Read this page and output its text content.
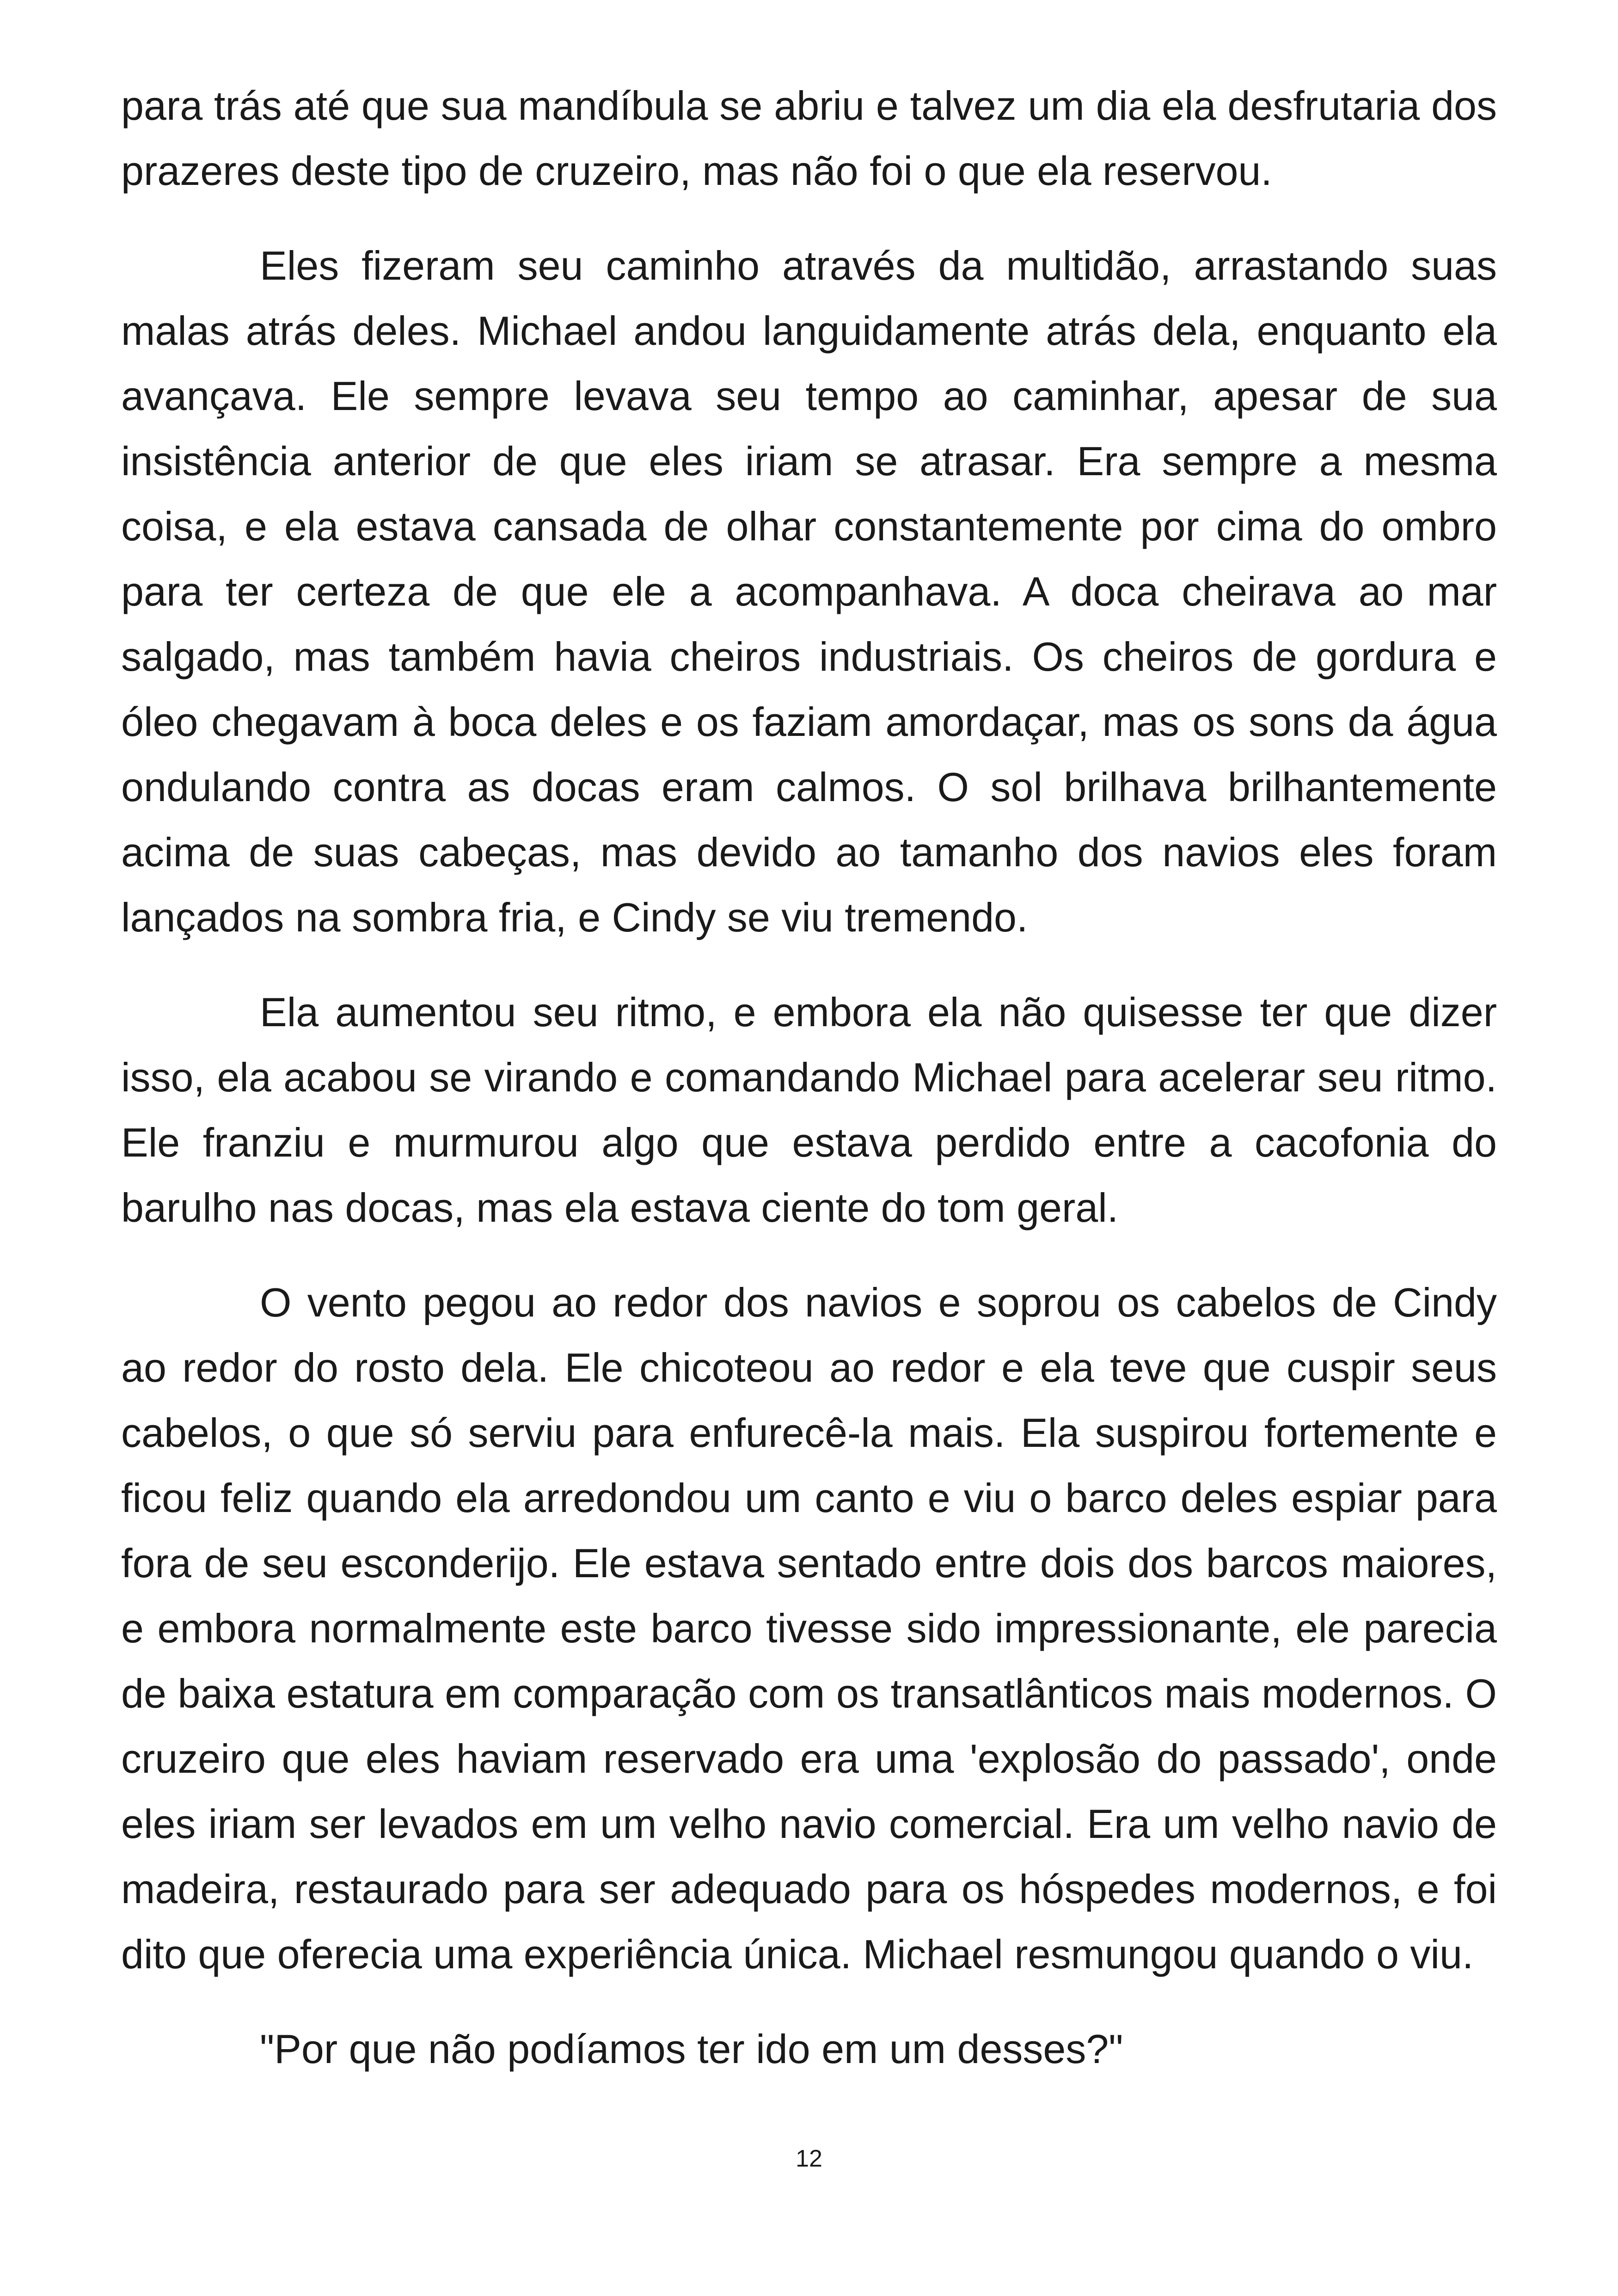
para trás até que sua mandíbula se abriu e talvez um dia ela desfrutaria dos prazeres deste tipo de cruzeiro, mas não foi o que ela reservou.

Eles fizeram seu caminho através da multidão, arrastando suas malas atrás deles. Michael andou languidamente atrás dela, enquanto ela avançava. Ele sempre levava seu tempo ao caminhar, apesar de sua insistência anterior de que eles iriam se atrasar. Era sempre a mesma coisa, e ela estava cansada de olhar constantemente por cima do ombro para ter certeza de que ele a acompanhava. A doca cheirava ao mar salgado, mas também havia cheiros industriais. Os cheiros de gordura e óleo chegavam à boca deles e os faziam amordaçar, mas os sons da água ondulando contra as docas eram calmos. O sol brilhava brilhantemente acima de suas cabeças, mas devido ao tamanho dos navios eles foram lançados na sombra fria, e Cindy se viu tremendo.

Ela aumentou seu ritmo, e embora ela não quisesse ter que dizer isso, ela acabou se virando e comandando Michael para acelerar seu ritmo. Ele franziu e murmurou algo que estava perdido entre a cacofonia do barulho nas docas, mas ela estava ciente do tom geral.

O vento pegou ao redor dos navios e soprou os cabelos de Cindy ao redor do rosto dela. Ele chicoteou ao redor e ela teve que cuspir seus cabelos, o que só serviu para enfurecê-la mais. Ela suspirou fortemente e ficou feliz quando ela arredondou um canto e viu o barco deles espiar para fora de seu esconderijo. Ele estava sentado entre dois dos barcos maiores, e embora normalmente este barco tivesse sido impressionante, ele parecia de baixa estatura em comparação com os transatlânticos mais modernos. O cruzeiro que eles haviam reservado era uma 'explosão do passado', onde eles iriam ser levados em um velho navio comercial. Era um velho navio de madeira, restaurado para ser adequado para os hóspedes modernos, e foi dito que oferecia uma experiência única. Michael resmungou quando o viu.

"Por que não podíamos ter ido em um desses?"

12
